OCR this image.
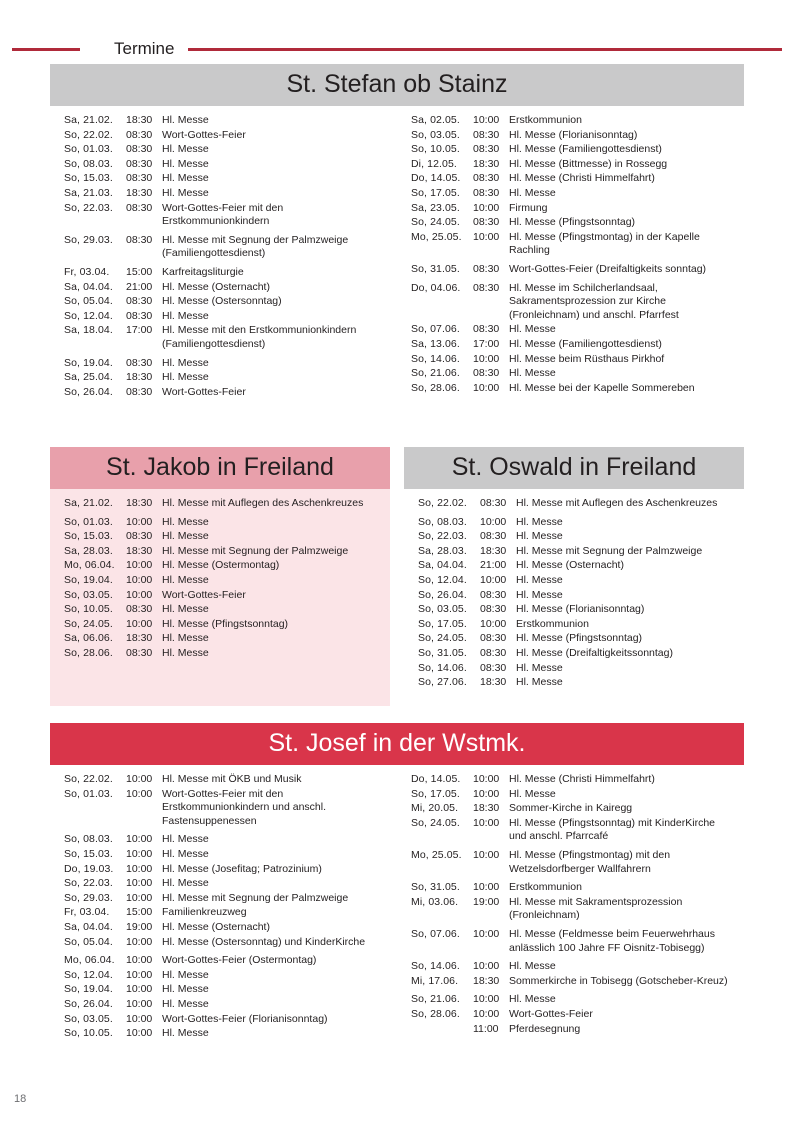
Termine
St. Stefan ob Stainz
Sa, 21.02.	18:30	Hl. Messe
So, 22.02.	08:30	Wort-Gottes-Feier
So, 01.03.	08:30	Hl. Messe
So, 08.03.	08:30	Hl. Messe
So, 15.03.	08:30	Hl. Messe
Sa, 21.03.	18:30	Hl. Messe
So, 22.03.	08:30	Wort-Gottes-Feier mit den Erstkommunionkindern
So, 29.03.	08:30	Hl. Messe mit Segnung der Palmzweige (Familiengottesdienst)
Fr, 03.04.	15:00	Karfreitagsliturgie
Sa, 04.04.	21:00	Hl. Messe (Osternacht)
So, 05.04.	08:30	Hl. Messe (Ostersonntag)
So, 12.04.	08:30	Hl. Messe
Sa, 18.04.	17:00	Hl. Messe mit den Erstkommunionkindern (Familiengottesdienst)
So, 19.04.	08:30	Hl. Messe
Sa, 25.04.	18:30	Hl. Messe
So, 26.04.	08:30	Wort-Gottes-Feier
Sa, 02.05.	10:00	Erstkommunion
So, 03.05.	08:30	Hl. Messe (Florianisonntag)
So, 10.05.	08:30	Hl. Messe (Familiengottesdienst)
Di, 12.05.	18:30	Hl. Messe (Bittmesse) in Rossegg
Do, 14.05.	08:30	Hl. Messe (Christi Himmelfahrt)
So, 17.05.	08:30	Hl. Messe
Sa, 23.05.	10:00	Firmung
So, 24.05.	08:30	Hl. Messe (Pfingstsonntag)
Mo, 25.05.	10:00	Hl. Messe (Pfingstmontag) in der Kapelle Rachling
So, 31.05.	08:30	Wort-Gottes-Feier (Dreifaltigkeits sonntag)
Do, 04.06.	08:30	Hl. Messe im Schilcherlandsaal, Sakramentsprozession zur Kirche (Fronleichnam) und anschl. Pfarrfest
So, 07.06.	08:30	Hl. Messe
Sa, 13.06.	17:00	Hl. Messe (Familiengottesdienst)
So, 14.06.	10:00	Hl. Messe beim Rüsthaus Pirkhof
So, 21.06.	08:30	Hl. Messe
So, 28.06.	10:00	Hl. Messe bei der Kapelle Sommereben
St. Jakob in Freiland
Sa, 21.02.	18:30	Hl. Messe mit Auflegen des Aschenkreuzes
So, 01.03.	10:00	Hl. Messe
So, 15.03.	08:30	Hl. Messe
Sa, 28.03.	18:30	Hl. Messe mit Segnung der Palmzweige
Mo, 06.04.	10:00	Hl. Messe (Ostermontag)
So, 19.04.	10:00	Hl. Messe
So, 03.05.	10:00	Wort-Gottes-Feier
So, 10.05.	08:30	Hl. Messe
So, 24.05.	10:00	Hl. Messe (Pfingstsonntag)
Sa, 06.06.	18:30	Hl. Messe
So, 28.06.	08:30	Hl. Messe
St. Oswald in Freiland
So, 22.02.	08:30	Hl. Messe mit Auflegen des Aschenkreuzes
So, 08.03.	10:00	Hl. Messe
So, 22.03.	08:30	Hl. Messe
Sa, 28.03.	18:30	Hl. Messe mit Segnung der Palmzweige
Sa, 04.04.	21:00	Hl. Messe (Osternacht)
So, 12.04.	10:00	Hl. Messe
So, 26.04.	08:30	Hl. Messe
So, 03.05.	08:30	Hl. Messe (Florianisonntag)
So, 17.05.	10:00	Erstkommunion
So, 24.05.	08:30	Hl. Messe (Pfingstsonntag)
So, 31.05.	08:30	Hl. Messe (Dreifaltigkeitssonntag)
So, 14.06.	08:30	Hl. Messe
So, 27.06.	18:30	Hl. Messe
St. Josef in der Wstmk.
So, 22.02.	10:00	Hl. Messe mit ÖKB und Musik
So, 01.03.	10:00	Wort-Gottes-Feier mit den Erstkommunionkindern und anschl. Fastensuppenessen
So, 08.03.	10:00	Hl. Messe
So, 15.03.	10:00	Hl. Messe
Do, 19.03.	10:00	Hl. Messe (Josefitag; Patrozinium)
So, 22.03.	10:00	Hl. Messe
So, 29.03.	10:00	Hl. Messe mit Segnung der Palmzweige
Fr, 03.04.	15:00	Familienkreuzweg
Sa, 04.04.	19:00	Hl. Messe (Osternacht)
So, 05.04.	10:00	Hl. Messe (Ostersonntag) und KinderKirche
Mo, 06.04.	10:00	Wort-Gottes-Feier (Ostermontag)
So, 12.04.	10:00	Hl. Messe
So, 19.04.	10:00	Hl. Messe
So, 26.04.	10:00	Hl. Messe
So, 03.05.	10:00	Wort-Gottes-Feier (Florianisonntag)
So, 10.05.	10:00	Hl. Messe
Do, 14.05.	10:00	Hl. Messe (Christi Himmelfahrt)
So, 17.05.	10:00	Hl. Messe
Mi, 20.05.	18:30	Sommer-Kirche in Kairegg
So, 24.05.	10:00	Hl. Messe (Pfingstsonntag) mit KinderKirche und anschl. Pfarrcafé
Mo, 25.05.	10:00	Hl. Messe (Pfingstmontag) mit den Wetzelsdorfberger Wallfahrern
So, 31.05.	10:00	Erstkommunion
Mi, 03.06.	19:00	Hl. Messe mit Sakramentsprozession (Fronleichnam)
So, 07.06.	10:00	Hl. Messe (Feldmesse beim Feuerwehrhaus anlässlich 100 Jahre FF Oisnitz-Tobisegg)
So, 14.06.	10:00	Hl. Messe
Mi, 17.06.	18:30	Sommerkirche in Tobisegg (Gotscheber-Kreuz)
So, 21.06.	10:00	Hl. Messe
So, 28.06.	10:00	Wort-Gottes-Feier
	11:00	Pferdesegnung
18
